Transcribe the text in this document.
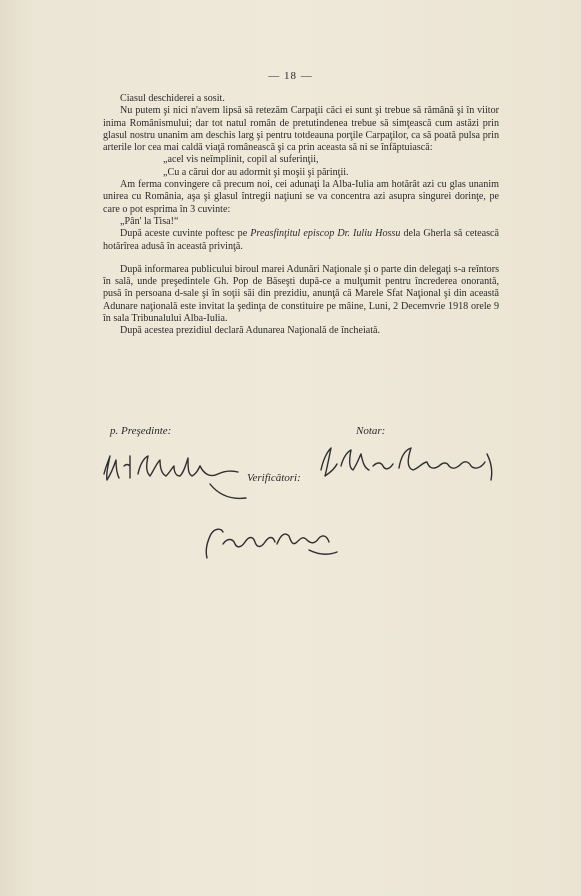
— 18 —

Ciasul deschiderei a sosit.

Nu putem şi nici n'avem lipsă să retezăm Carpaţii căci ei sunt şi trebue să rămână şi în viitor inima Românismului; dar tot natul român de pretutindenea trebue să simţească cum astăzi prin glasul nostru unanim am deschis larg şi pentru totdeauna porţile Carpaţilor, ca să poată pulsa prin arterile lor cea mai caldă viaţă românească şi ca prin aceasta să ni se înfăptuiască:

„acel vis neîmplinit, copil al suferinţii,

„Cu a cărui dor au adormit şi moşii şi părinţii.

Am ferma convingere că precum noi, cei adunaţi la Alba-Iulia am hotărât azi cu glas unanim unirea cu România, aşa şi glasul întregii naţiuni se va concentra azi asupra singurei dorinţe, pe care o pot esprima în 3 cuvinte:

„Pân' la Tisa!“

După aceste cuvinte poftesc pe Preasfinţitul episcop Dr. Iuliu Hossu dela Gherla să cetească hotărîrea adusă în această privinţă.

După informarea publicului biroul marei Adunări Naţionale şi o parte din delegaţi s-a reîntors în sală, unde preşedintele Gh. Pop de Băseşti după-ce a mulţumit pentru încrederea onorantă, pusă în persoana d-sale şi în soţii săi din prezidiu, anunţă că Marele Sfat Naţional şi din această Adunare naţională este invitat la şedinţa de constituire pe mâine, Luni, 2 Decemvrie 1918 orele 9 în sala Tribunalului Alba-Iulia.

După acestea prezidiul declară Adunarea Naţională de încheiată.

p. Preşedinte:	Notar:
Verificători:
